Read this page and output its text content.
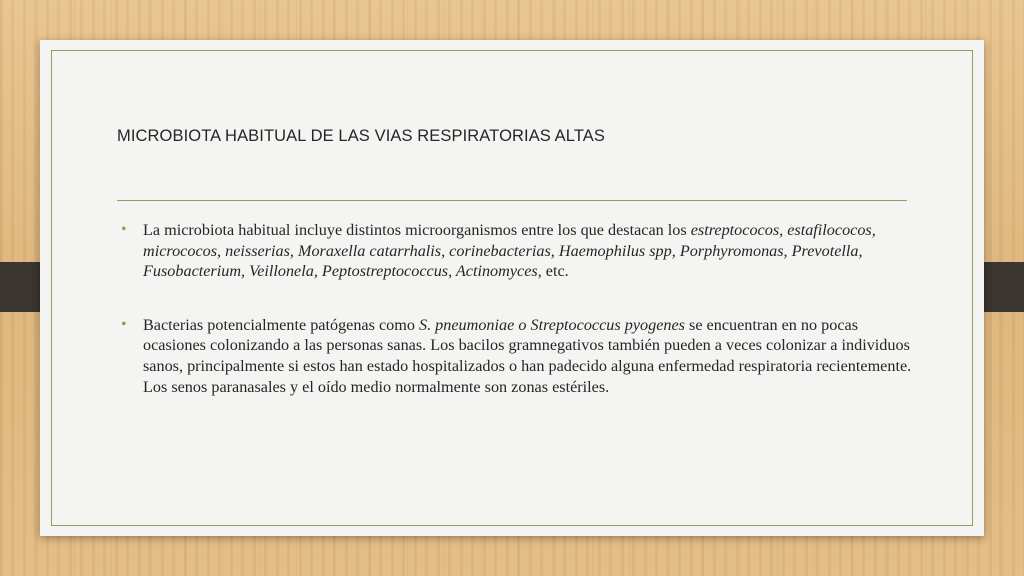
MICROBIOTA HABITUAL DE LAS VIAS RESPIRATORIAS ALTAS
• La microbiota habitual incluye distintos microorganismos entre los que destacan los estreptococos, estafilococos, micrococos, neisserias, Moraxella catarrhalis, corinebacterias, Haemophilus spp, Porphyromonas, Prevotella, Fusobacterium, Veillonela, Peptostreptococcus, Actinomyces, etc.
• Bacterias potencialmente patógenas como S. pneumoniae o Streptococcus pyogenes se encuentran en no pocas ocasiones colonizando a las personas sanas. Los bacilos gramnegativos también pueden a veces colonizar a individuos sanos, principalmente si estos han estado hospitalizados o han padecido alguna enfermedad respiratoria recientemente. Los senos paranasales y el oído medio normalmente son zonas estériles.
